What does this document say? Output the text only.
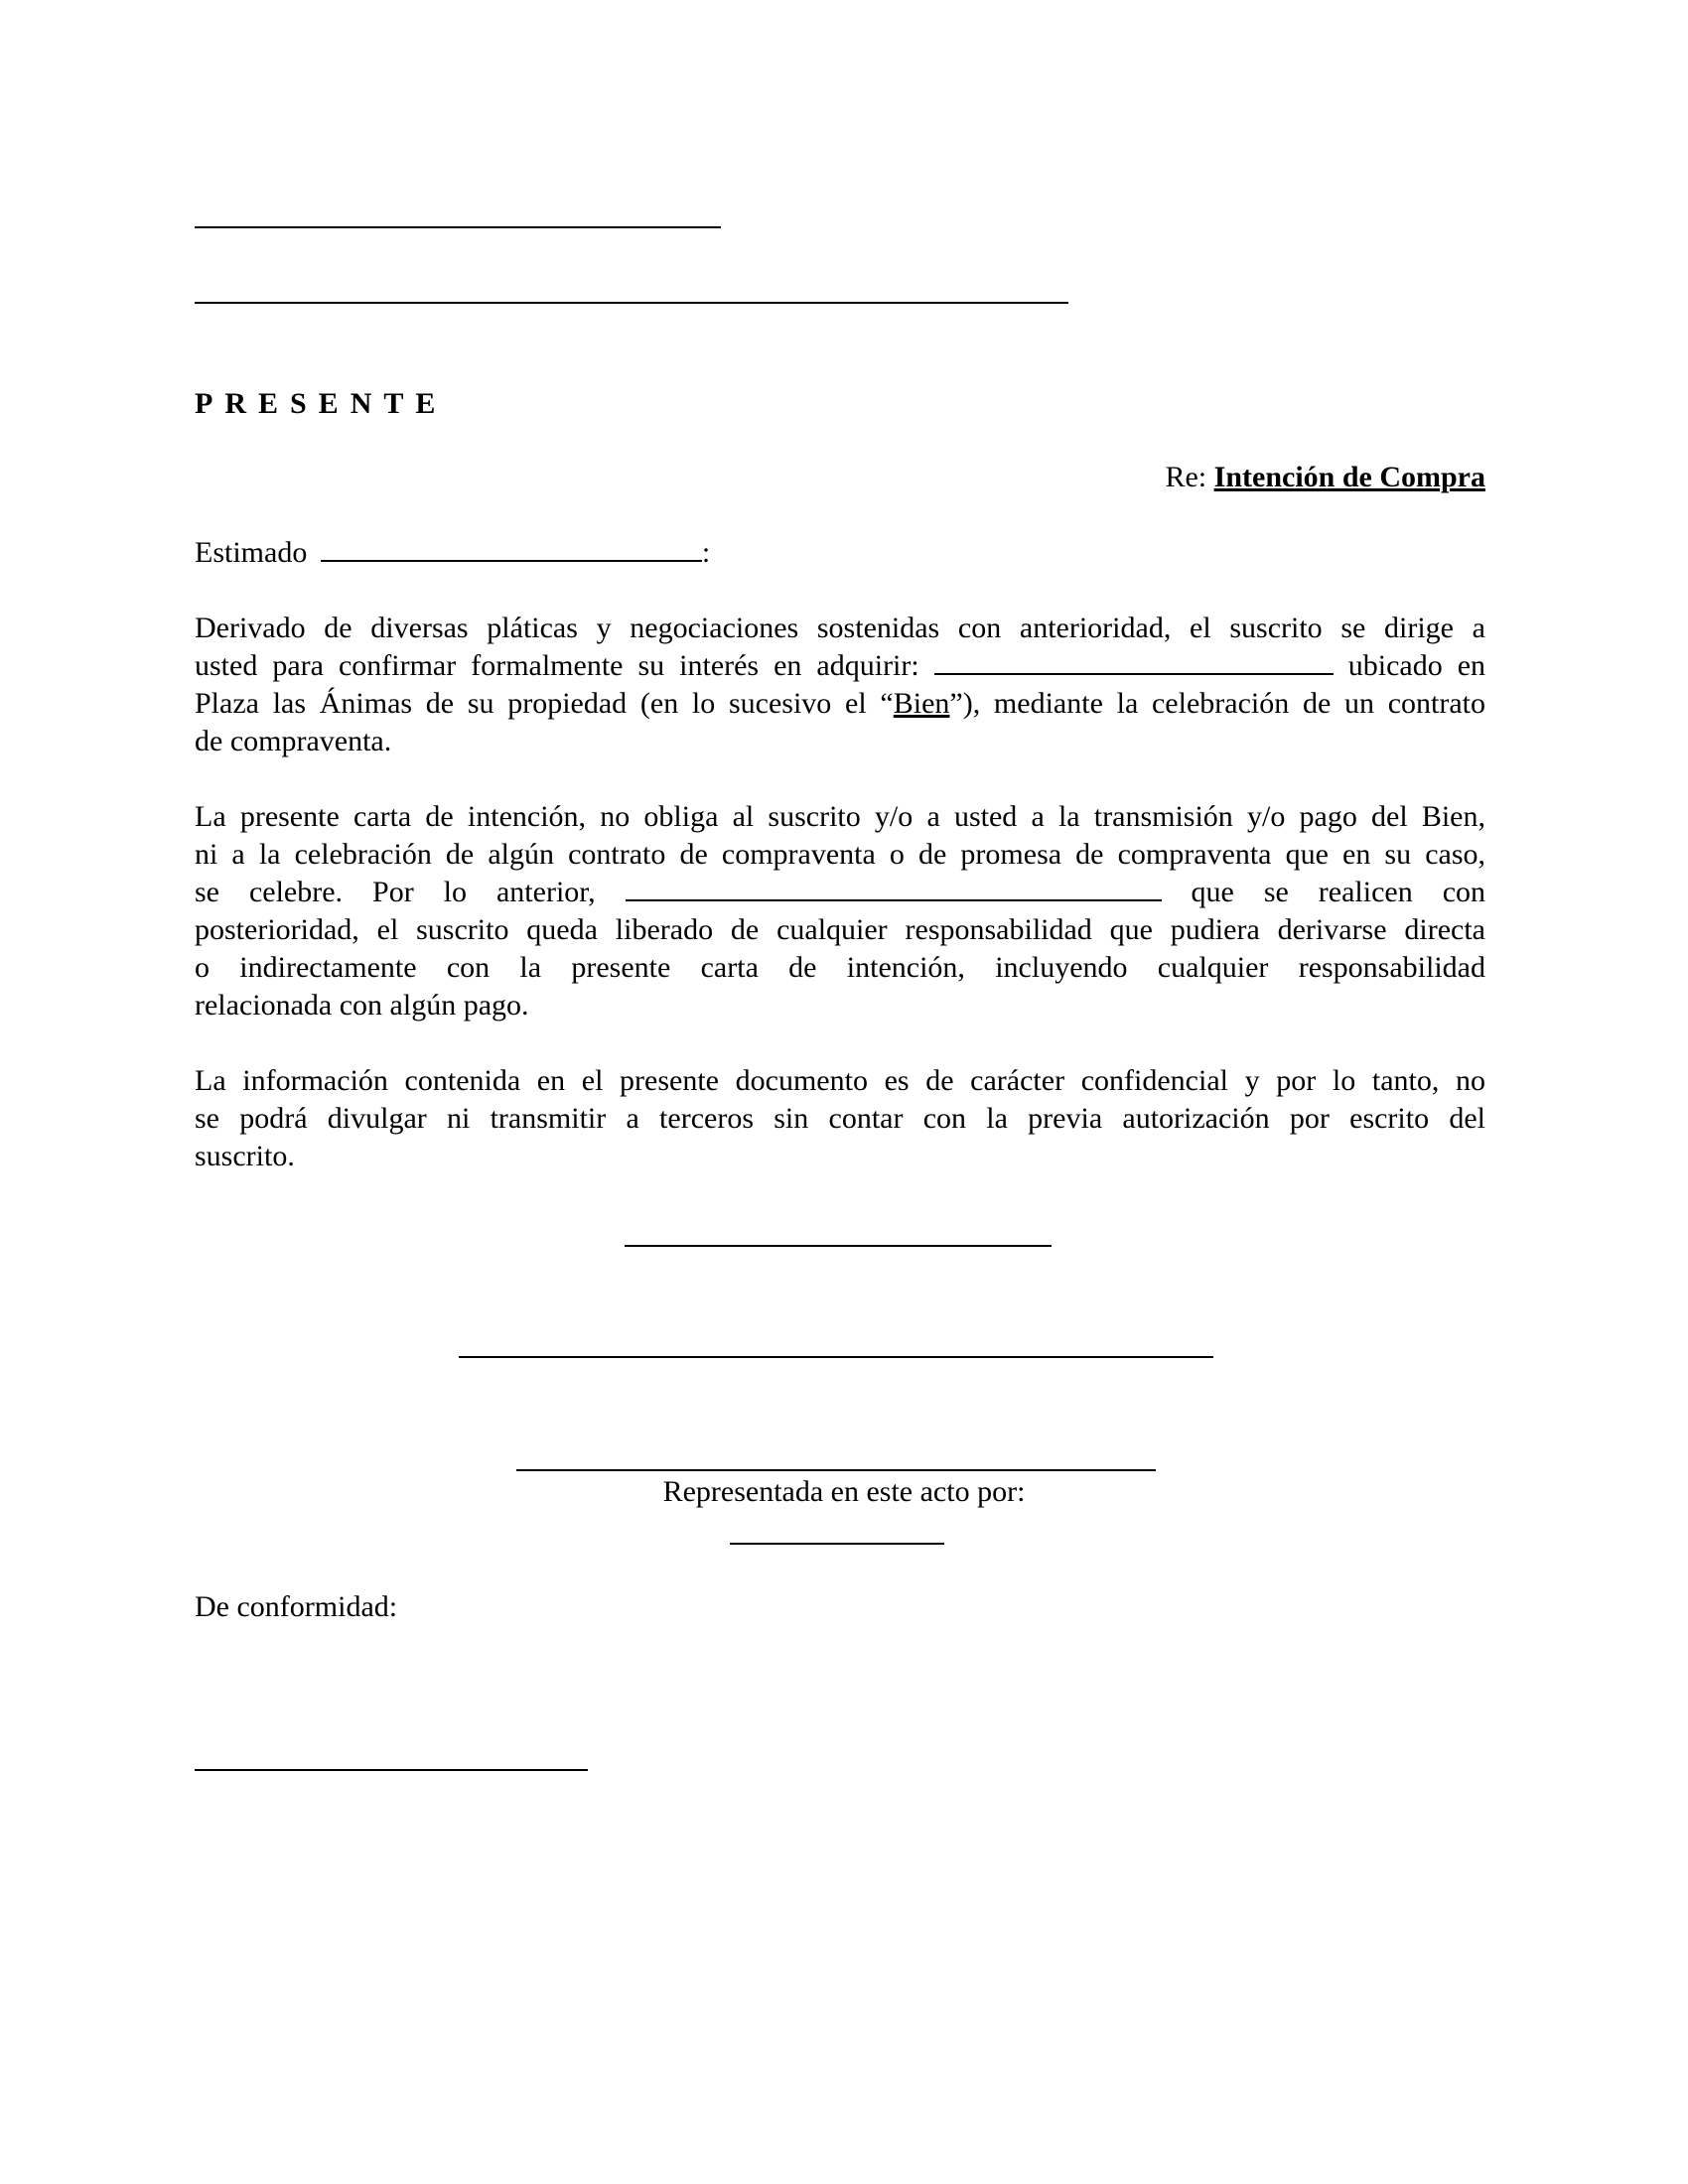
PRESENTE
Re: Intención de Compra
Estimado	:
Derivado de diversas pláticas y negociaciones sostenidas con anterioridad, el suscrito se dirige a
usted para confirmar formalmente su interés en adquirir:	ubicado en
Plaza las Ánimas de su propiedad (en lo sucesivo el “Bien”), mediante la celebración de un contrato
de compraventa.
La presente carta de intención, no obliga al suscrito y/o a usted a la transmisión y/o pago del Bien,
ni a la celebración de algún contrato de compraventa o de promesa de compraventa que en su caso,
se celebre. Por lo anterior,	que se realicen con
posterioridad, el suscrito queda liberado de cualquier responsabilidad que pudiera derivarse directa
o indirectamente con la presente carta de intención, incluyendo cualquier responsabilidad
relacionada con algún pago.
La información contenida en el presente documento es de carácter confidencial y por lo tanto, no
se podrá divulgar ni transmitir a terceros sin contar con la previa autorización por escrito del
suscrito.
Representada en este acto por:
De conformidad:
